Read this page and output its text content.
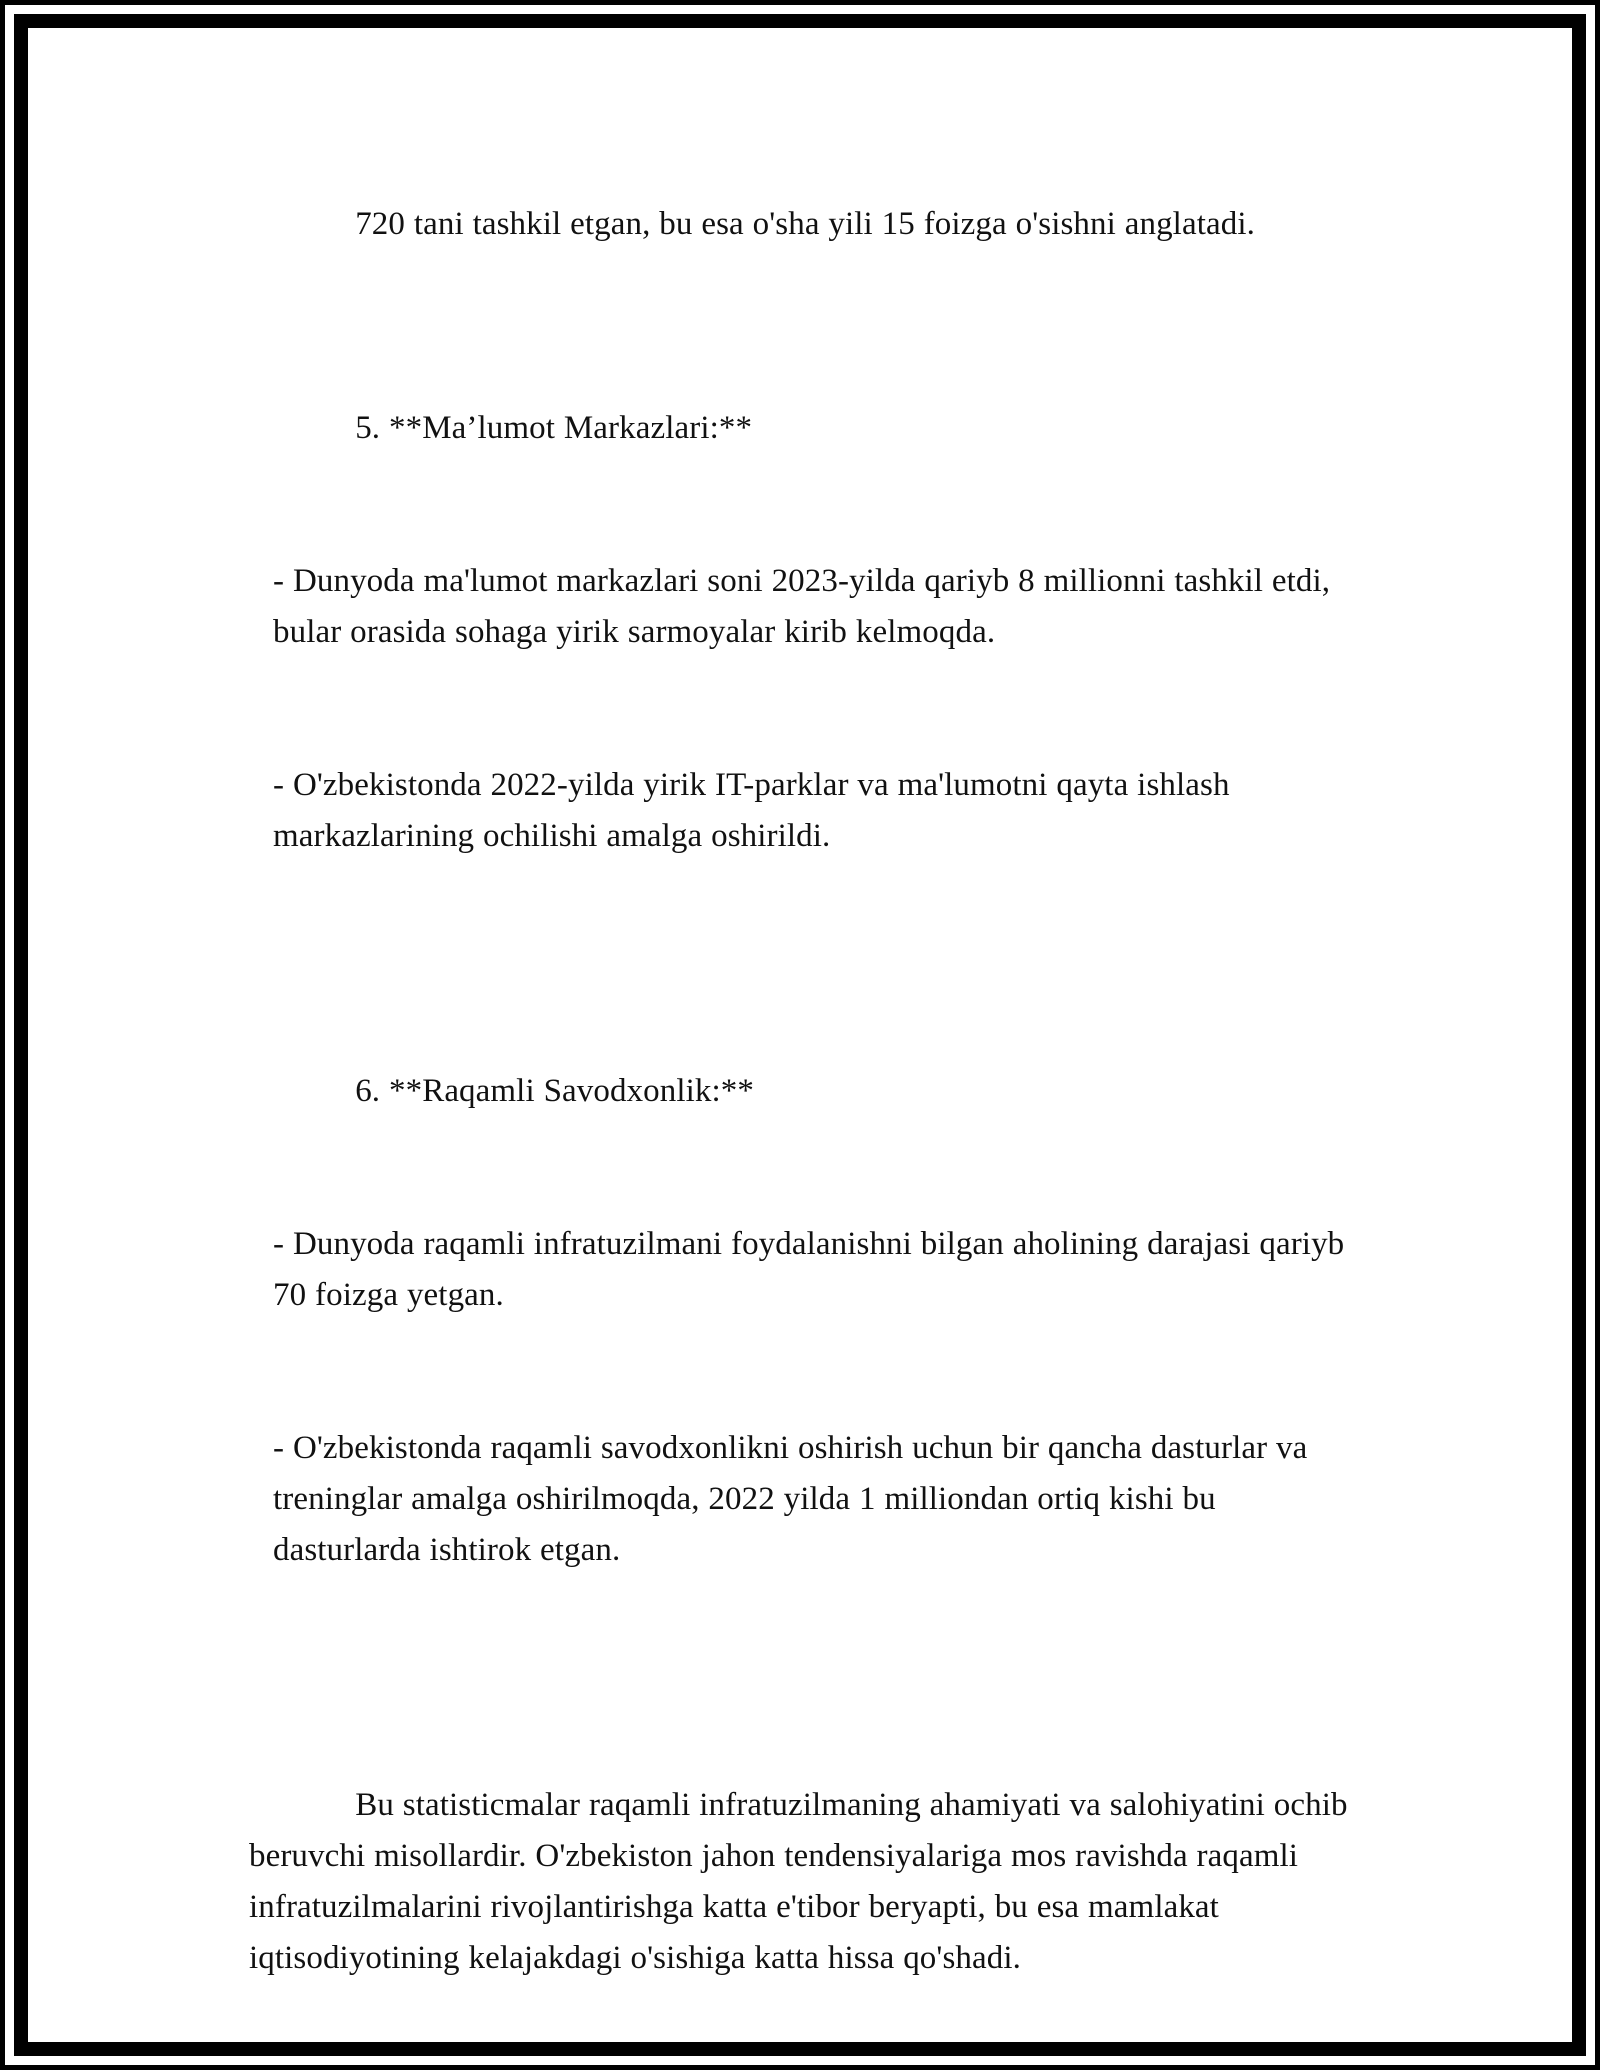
720 tani tashkil etgan, bu esa o'sha yili 15 foizga o'sishni anglatadi.

5. **Ma’lumot Markazlari:**

- Dunyoda ma'lumot markazlari soni 2023-yilda qariyb 8 millionni tashkil etdi, bular orasida sohaga yirik sarmoyalar kirib kelmoqda.

- O'zbekistonda 2022-yilda yirik IT-parklar va ma'lumotni qayta ishlash markazlarining ochilishi amalga oshirildi.

6. **Raqamli Savodxonlik:**

- Dunyoda raqamli infratuzilmani foydalanishni bilgan aholining darajasi qariyb 70 foizga yetgan.

- O'zbekistonda raqamli savodxonlikni oshirish uchun bir qancha dasturlar va treninglar amalga oshirilmoqda, 2022 yilda 1 milliondan ortiq kishi bu dasturlarda ishtirok etgan.

Bu statisticmalar raqamli infratuzilmaning ahamiyati va salohiyatini ochib beruvchi misollardir. O'zbekiston jahon tendensiyalariga mos ravishda raqamli infratuzilmalarini rivojlantirishga katta e'tibor beryapti, bu esa mamlakat iqtisodiyotining kelajakdagi o'sishiga katta hissa qo'shadi.
